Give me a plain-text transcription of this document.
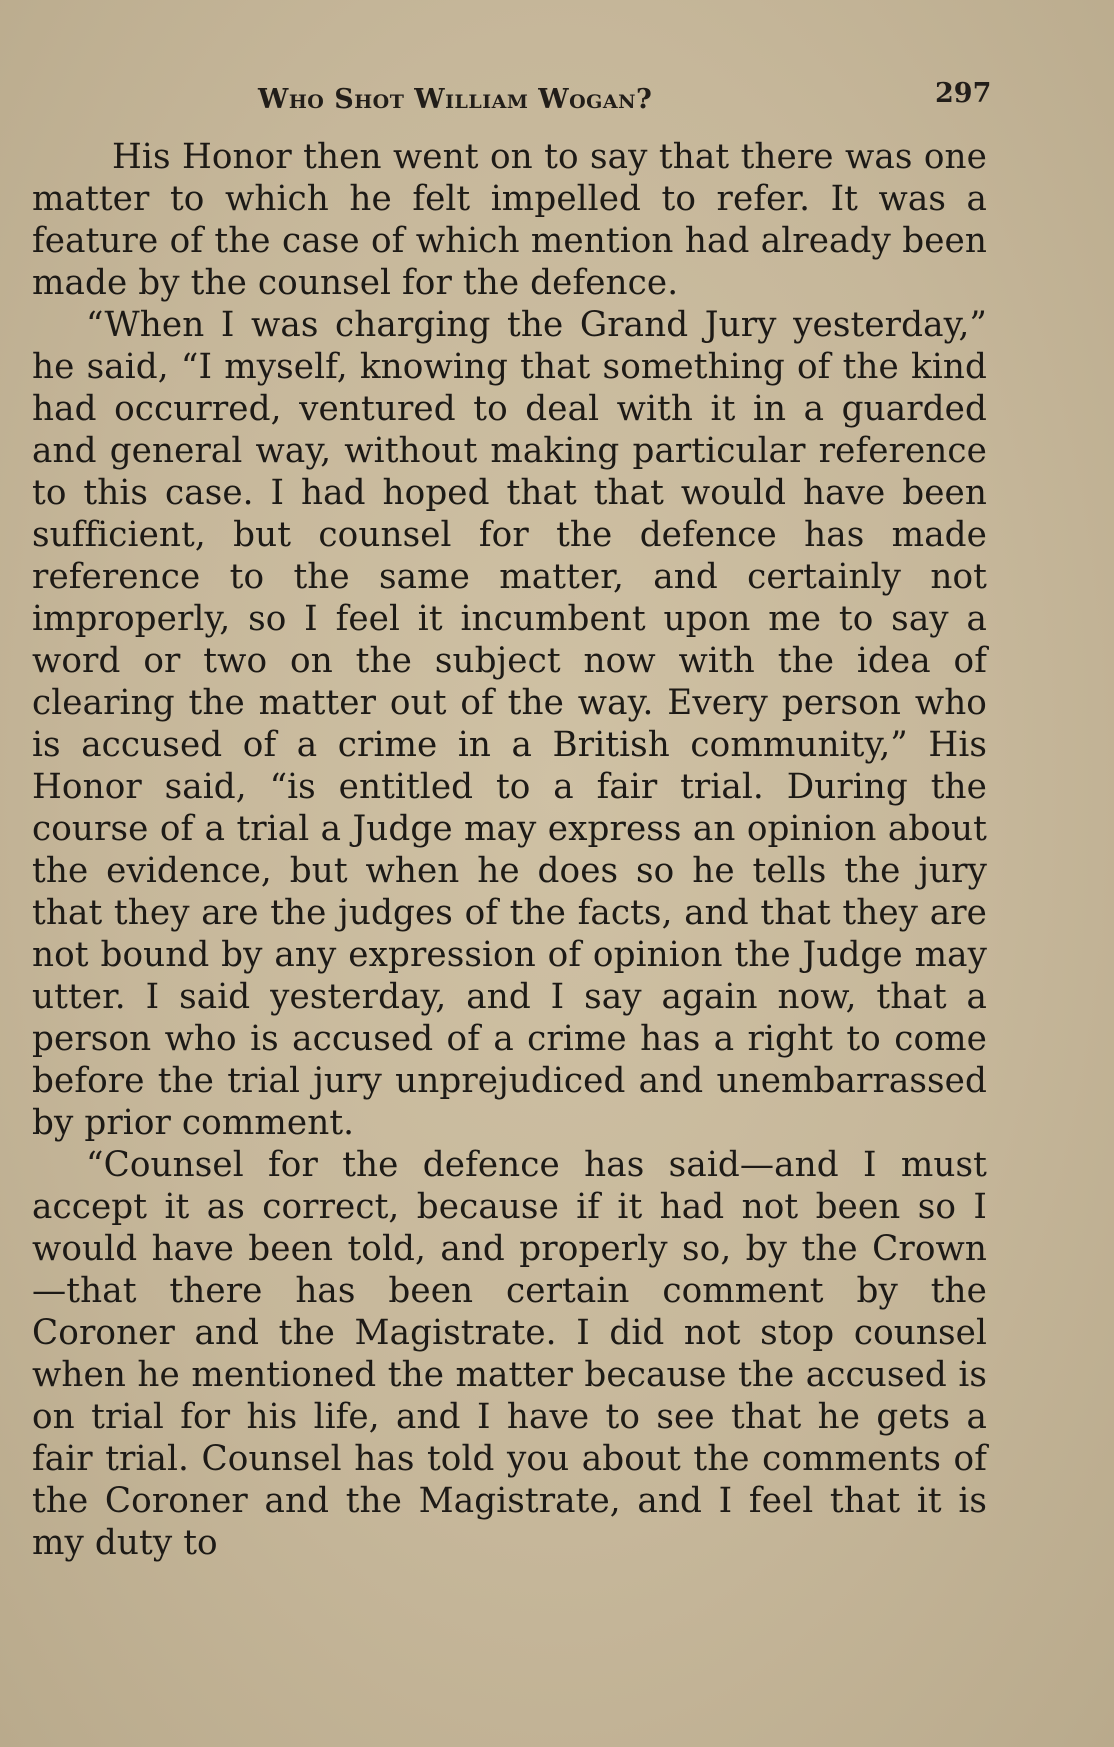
Who Shot William Wogan?	297

His Honor then went on to say that there was one matter to which he felt impelled to refer. It was a feature of the case of which mention had already been made by the counsel for the defence.

“When I was charging the Grand Jury yesterday,” he said, “I myself, knowing that something of the kind had occurred, ventured to deal with it in a guarded and general way, without making particular reference to this case. I had hoped that that would have been sufficient, but counsel for the defence has made reference to the same matter, and certainly not improperly, so I feel it incumbent upon me to say a word or two on the subject now with the idea of clearing the matter out of the way. Every person who is accused of a crime in a British community,” His Honor said, “is entitled to a fair trial. During the course of a trial a Judge may express an opinion about the evidence, but when he does so he tells the jury that they are the judges of the facts, and that they are not bound by any expression of opinion the Judge may utter. I said yesterday, and I say again now, that a person who is accused of a crime has a right to come before the trial jury unprejudiced and unembarrassed by prior comment.

“Counsel for the defence has said—and I must accept it as correct, because if it had not been so I would have been told, and properly so, by the Crown—that there has been certain comment by the Coroner and the Magistrate. I did not stop counsel when he mentioned the matter because the accused is on trial for his life, and I have to see that he gets a fair trial. Counsel has told you about the comments of the Coroner and the Magistrate, and I feel that it is my duty to
